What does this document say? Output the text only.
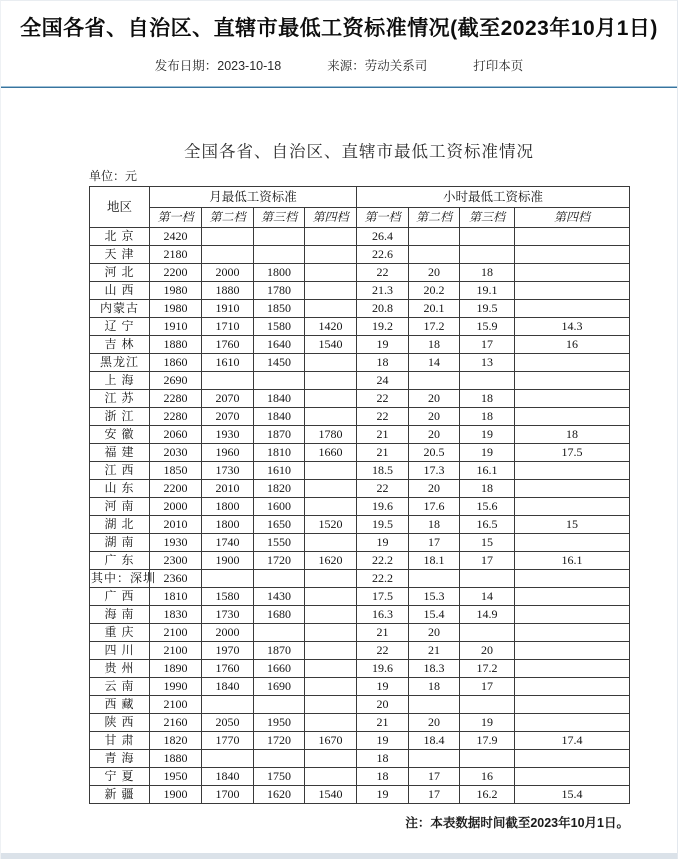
全国各省、自治区、直辖市最低工资标准情况(截至2023年10月1日)
发布日期：2023-10-18	来源：劳动关系司	打印本页
全国各省、自治区、直辖市最低工资标准情况
单位：元
地区	月最低工资标准				小时最低工资标准			
	第一档	第二档	第三档	第四档	第一档	第二档	第三档	第四档
北 京	2420				26.4			
天 津	2180				22.6			
河 北	2200	2000	1800		22	20	18	
山 西	1980	1880	1780		21.3	20.2	19.1	
内蒙古	1980	1910	1850		20.8	20.1	19.5	
辽 宁	1910	1710	1580	1420	19.2	17.2	15.9	14.3
吉 林	1880	1760	1640	1540	19	18	17	16
黑龙江	1860	1610	1450		18	14	13	
上 海	2690				24			
江 苏	2280	2070	1840		22	20	18	
浙 江	2280	2070	1840		22	20	18	
安 徽	2060	1930	1870	1780	21	20	19	18
福 建	2030	1960	1810	1660	21	20.5	19	17.5
江 西	1850	1730	1610		18.5	17.3	16.1	
山 东	2200	2010	1820		22	20	18	
河 南	2000	1800	1600		19.6	17.6	15.6	
湖 北	2010	1800	1650	1520	19.5	18	16.5	15
湖 南	1930	1740	1550		19	17	15	
广 东	2300	1900	1720	1620	22.2	18.1	17	16.1
其中：深圳	2360				22.2			
广 西	1810	1580	1430		17.5	15.3	14	
海 南	1830	1730	1680		16.3	15.4	14.9	
重 庆	2100	2000			21	20		
四 川	2100	1970	1870		22	21	20	
贵 州	1890	1760	1660		19.6	18.3	17.2	
云 南	1990	1840	1690		19	18	17	
西 藏	2100				20			
陕 西	2160	2050	1950		21	20	19	
甘 肃	1820	1770	1720	1670	19	18.4	17.9	17.4
青 海	1880				18			
宁 夏	1950	1840	1750		18	17	16	
新 疆	1900	1700	1620	1540	19	17	16.2	15.4
注：本表数据时间截至2023年10月1日。
